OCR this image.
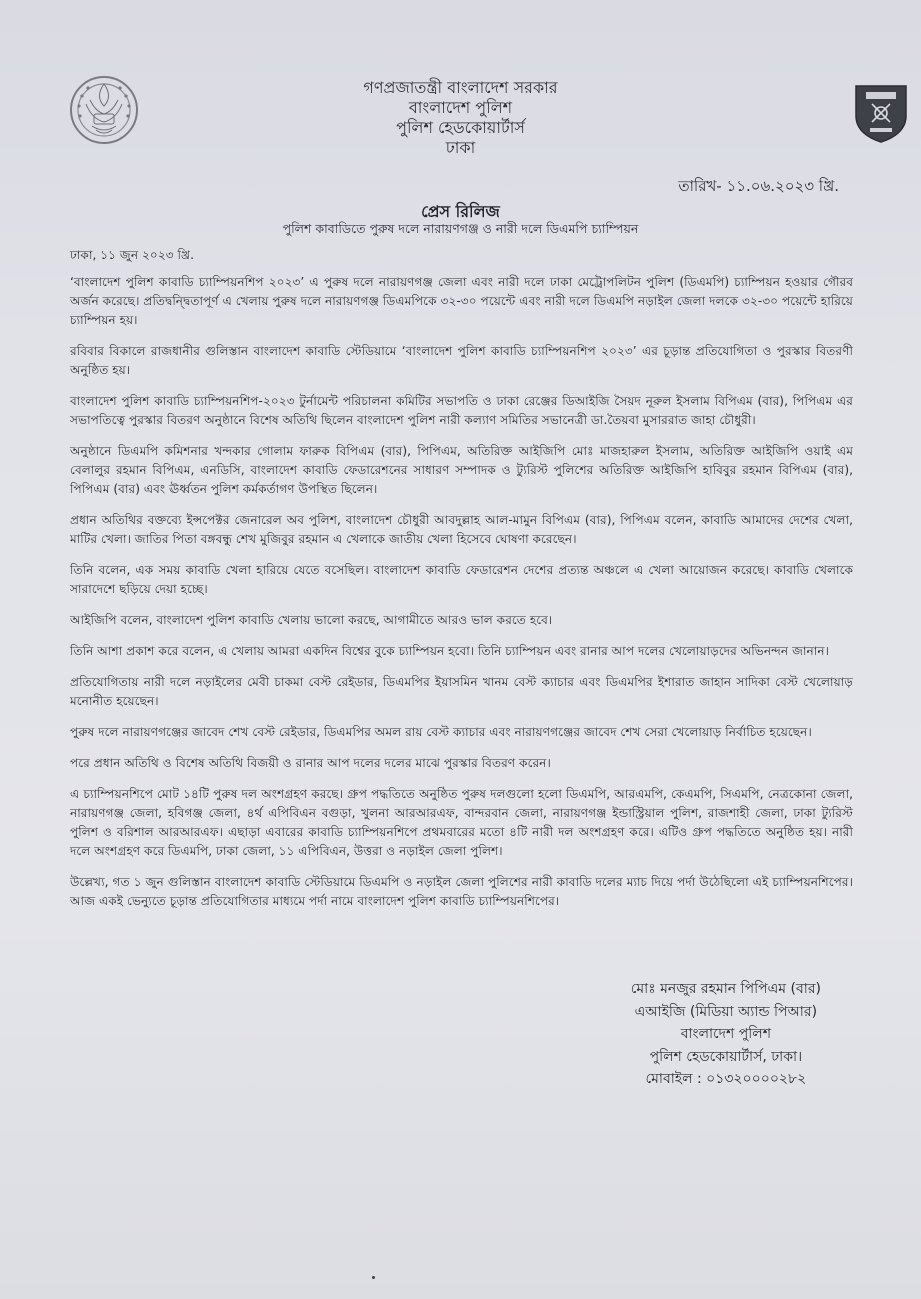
গণপ্রজাতন্ত্রী বাংলাদেশ সরকার
বাংলাদেশ পুলিশ
পুলিশ হেডকোয়ার্টার্স
ঢাকা
তারিখ- ১১.০৬.২০২৩ খ্রি.
প্রেস রিলিজ
পুলিশ কাবাডিতে পুরুষ দলে নারায়ণগঞ্জ ও নারী দলে ডিএমপি চ্যাম্পিয়ন

ঢাকা, ১১ জুন ২০২৩ খ্রি.

‘বাংলাদেশ পুলিশ কাবাডি চ্যাম্পিয়নশিপ ২০২৩’ এ পুরুষ দলে নারায়ণগঞ্জ জেলা এবং নারী দলে ঢাকা মেট্রোপলিটন পুলিশ (ডিএমপি) চ্যাম্পিয়ন হওয়ার গৌরব অর্জন করেছে। প্রতিদ্বন্দ্বিতাপূর্ণ এ খেলায় পুরুষ দলে নারায়ণগঞ্জ ডিএমপিকে ৩২-৩০ পয়েন্টে এবং নারী দলে ডিএমপি নড়াইল জেলা দলকে ৩২-৩০ পয়েন্টে হারিয়ে চ্যাম্পিয়ন হয়।

রবিবার বিকালে রাজধানীর গুলিস্তান বাংলাদেশ কাবাডি স্টেডিয়ামে ‘বাংলাদেশ পুলিশ কাবাডি চ্যাম্পিয়নশিপ ২০২৩’ এর চূড়ান্ত প্রতিযোগিতা ও পুরস্কার বিতরণী অনুষ্ঠিত হয়।

বাংলাদেশ পুলিশ কাবাডি চ্যাম্পিয়নশিপ-২০২৩ টুর্নামেন্ট পরিচালনা কমিটির সভাপতি ও ঢাকা রেঞ্জের ডিআইজি সৈয়দ নূরুল ইসলাম বিপিএম (বার), পিপিএম এর সভাপতিত্বে পুরস্কার বিতরণ অনুষ্ঠানে বিশেষ অতিথি ছিলেন বাংলাদেশ পুলিশ নারী কল্যাণ সমিতির সভানেত্রী ডা.তৈয়বা মুসাররাত জাহা চৌধুরী।

অনুষ্ঠানে ডিএমপি কমিশনার খন্দকার গোলাম ফারুক বিপিএম (বার), পিপিএম, অতিরিক্ত আইজিপি মোঃ মাজহারুল ইসলাম, অতিরিক্ত আইজিপি ওয়াই এম বেলালুর রহমান বিপিএম, এনডিসি, বাংলাদেশ কাবাডি ফেডারেশনের সাধারণ সম্পাদক ও ট্যুরিস্ট পুলিশের অতিরিক্ত আইজিপি হাবিবুর রহমান বিপিএম (বার), পিপিএম (বার) এবং ঊর্ধ্বতন পুলিশ কর্মকর্তাগণ উপস্থিত ছিলেন।

প্রধান অতিথির বক্তব্যে ইন্সপেক্টর জেনারেল অব পুলিশ, বাংলাদেশ চৌধুরী আবদুল্লাহ আল-মামুন বিপিএম (বার), পিপিএম বলেন, কাবাডি আমাদের দেশের খেলা, মাটির খেলা। জাতির পিতা বঙ্গবন্ধু শেখ মুজিবুর রহমান এ খেলাকে জাতীয় খেলা হিসেবে ঘোষণা করেছেন।

তিনি বলেন, এক সময় কাবাডি খেলা হারিয়ে যেতে বসেছিল। বাংলাদেশ কাবাডি ফেডারেশন দেশের প্রত্যন্ত অঞ্চলে এ খেলা আয়োজন করেছে। কাবাডি খেলাকে সারাদেশে ছড়িয়ে দেয়া হচ্ছে।

আইজিপি বলেন, বাংলাদেশ পুলিশ কাবাডি খেলায় ভালো করছে, আগামীতে আরও ভাল করতে হবে।

তিনি আশা প্রকাশ করে বলেন, এ খেলায় আমরা একদিন বিশ্বের বুকে চ্যাম্পিয়ন হবো। তিনি চ্যাম্পিয়ন এবং রানার আপ দলের খেলোয়াড়দের অভিনন্দন জানান।

প্রতিযোগিতায় নারী দলে নড়াইলের মেবী চাকমা বেস্ট রেইডার, ডিএমপির ইয়াসমিন খানম বেস্ট ক্যাচার এবং ডিএমপির ইশারাত জাহান সাদিকা বেস্ট খেলোয়াড় মনোনীত হয়েছেন।

পুরুষ দলে নারায়ণগঞ্জের জাবেদ শেখ বেস্ট রেইডার, ডিএমপির অমল রায় বেস্ট ক্যাচার এবং নারায়ণগঞ্জের জাবেদ শেখ সেরা খেলোয়াড় নির্বাচিত হয়েছেন।

পরে প্রধান অতিথি ও বিশেষ অতিথি বিজয়ী ও রানার আপ দলের দলের মাঝে পুরস্কার বিতরণ করেন।

এ চ্যাম্পিয়নশিপে মোট ১৪টি পুরুষ দল অংশগ্রহণ করছে। গ্রুপ পদ্ধতিতে অনুষ্ঠিত পুরুষ দলগুলো হলো ডিএমপি, আরএমপি, কেএমপি, সিএমপি, নেত্রকোনা জেলা, নারায়ণগঞ্জ জেলা, হবিগঞ্জ জেলা, ৪র্থ এপিবিএন বগুড়া, খুলনা আরআরএফ, বান্দরবান জেলা, নারায়ণগঞ্জ ইন্ডাস্ট্রিয়াল পুলিশ, রাজশাহী জেলা, ঢাকা ট্যুরিস্ট পুলিশ ও বরিশাল আরআরএফ। এছাড়া এবারের কাবাডি চ্যাম্পিয়নশিপে প্রথমবারের মতো ৪টি নারী দল অংশগ্রহণ করে। এটিও গ্রুপ পদ্ধতিতে অনুষ্ঠিত হয়। নারী দলে অংশগ্রহণ করে ডিএমপি, ঢাকা জেলা, ১১ এপিবিএন, উত্তরা ও নড়াইল জেলা পুলিশ।

উল্লেখ্য, গত ১ জুন গুলিস্তান বাংলাদেশ কাবাডি স্টেডিয়ামে ডিএমপি ও নড়াইল জেলা পুলিশের নারী কাবাডি দলের ম্যাচ দিয়ে পর্দা উঠেছিলো এই চ্যাম্পিয়নশিপের। আজ একই ভেন্যুতে চূড়ান্ত প্রতিযোগিতার মাধ্যমে পর্দা নামে বাংলাদেশ পুলিশ কাবাডি চ্যাম্পিয়নশিপের।

মোঃ মনজুর রহমান পিপিএম (বার)
এআইজি (মিডিয়া অ্যান্ড পিআর)
বাংলাদেশ পুলিশ
পুলিশ হেডকোয়ার্টার্স, ঢাকা।
মোবাইল : ০১৩২০০০০২৮২
